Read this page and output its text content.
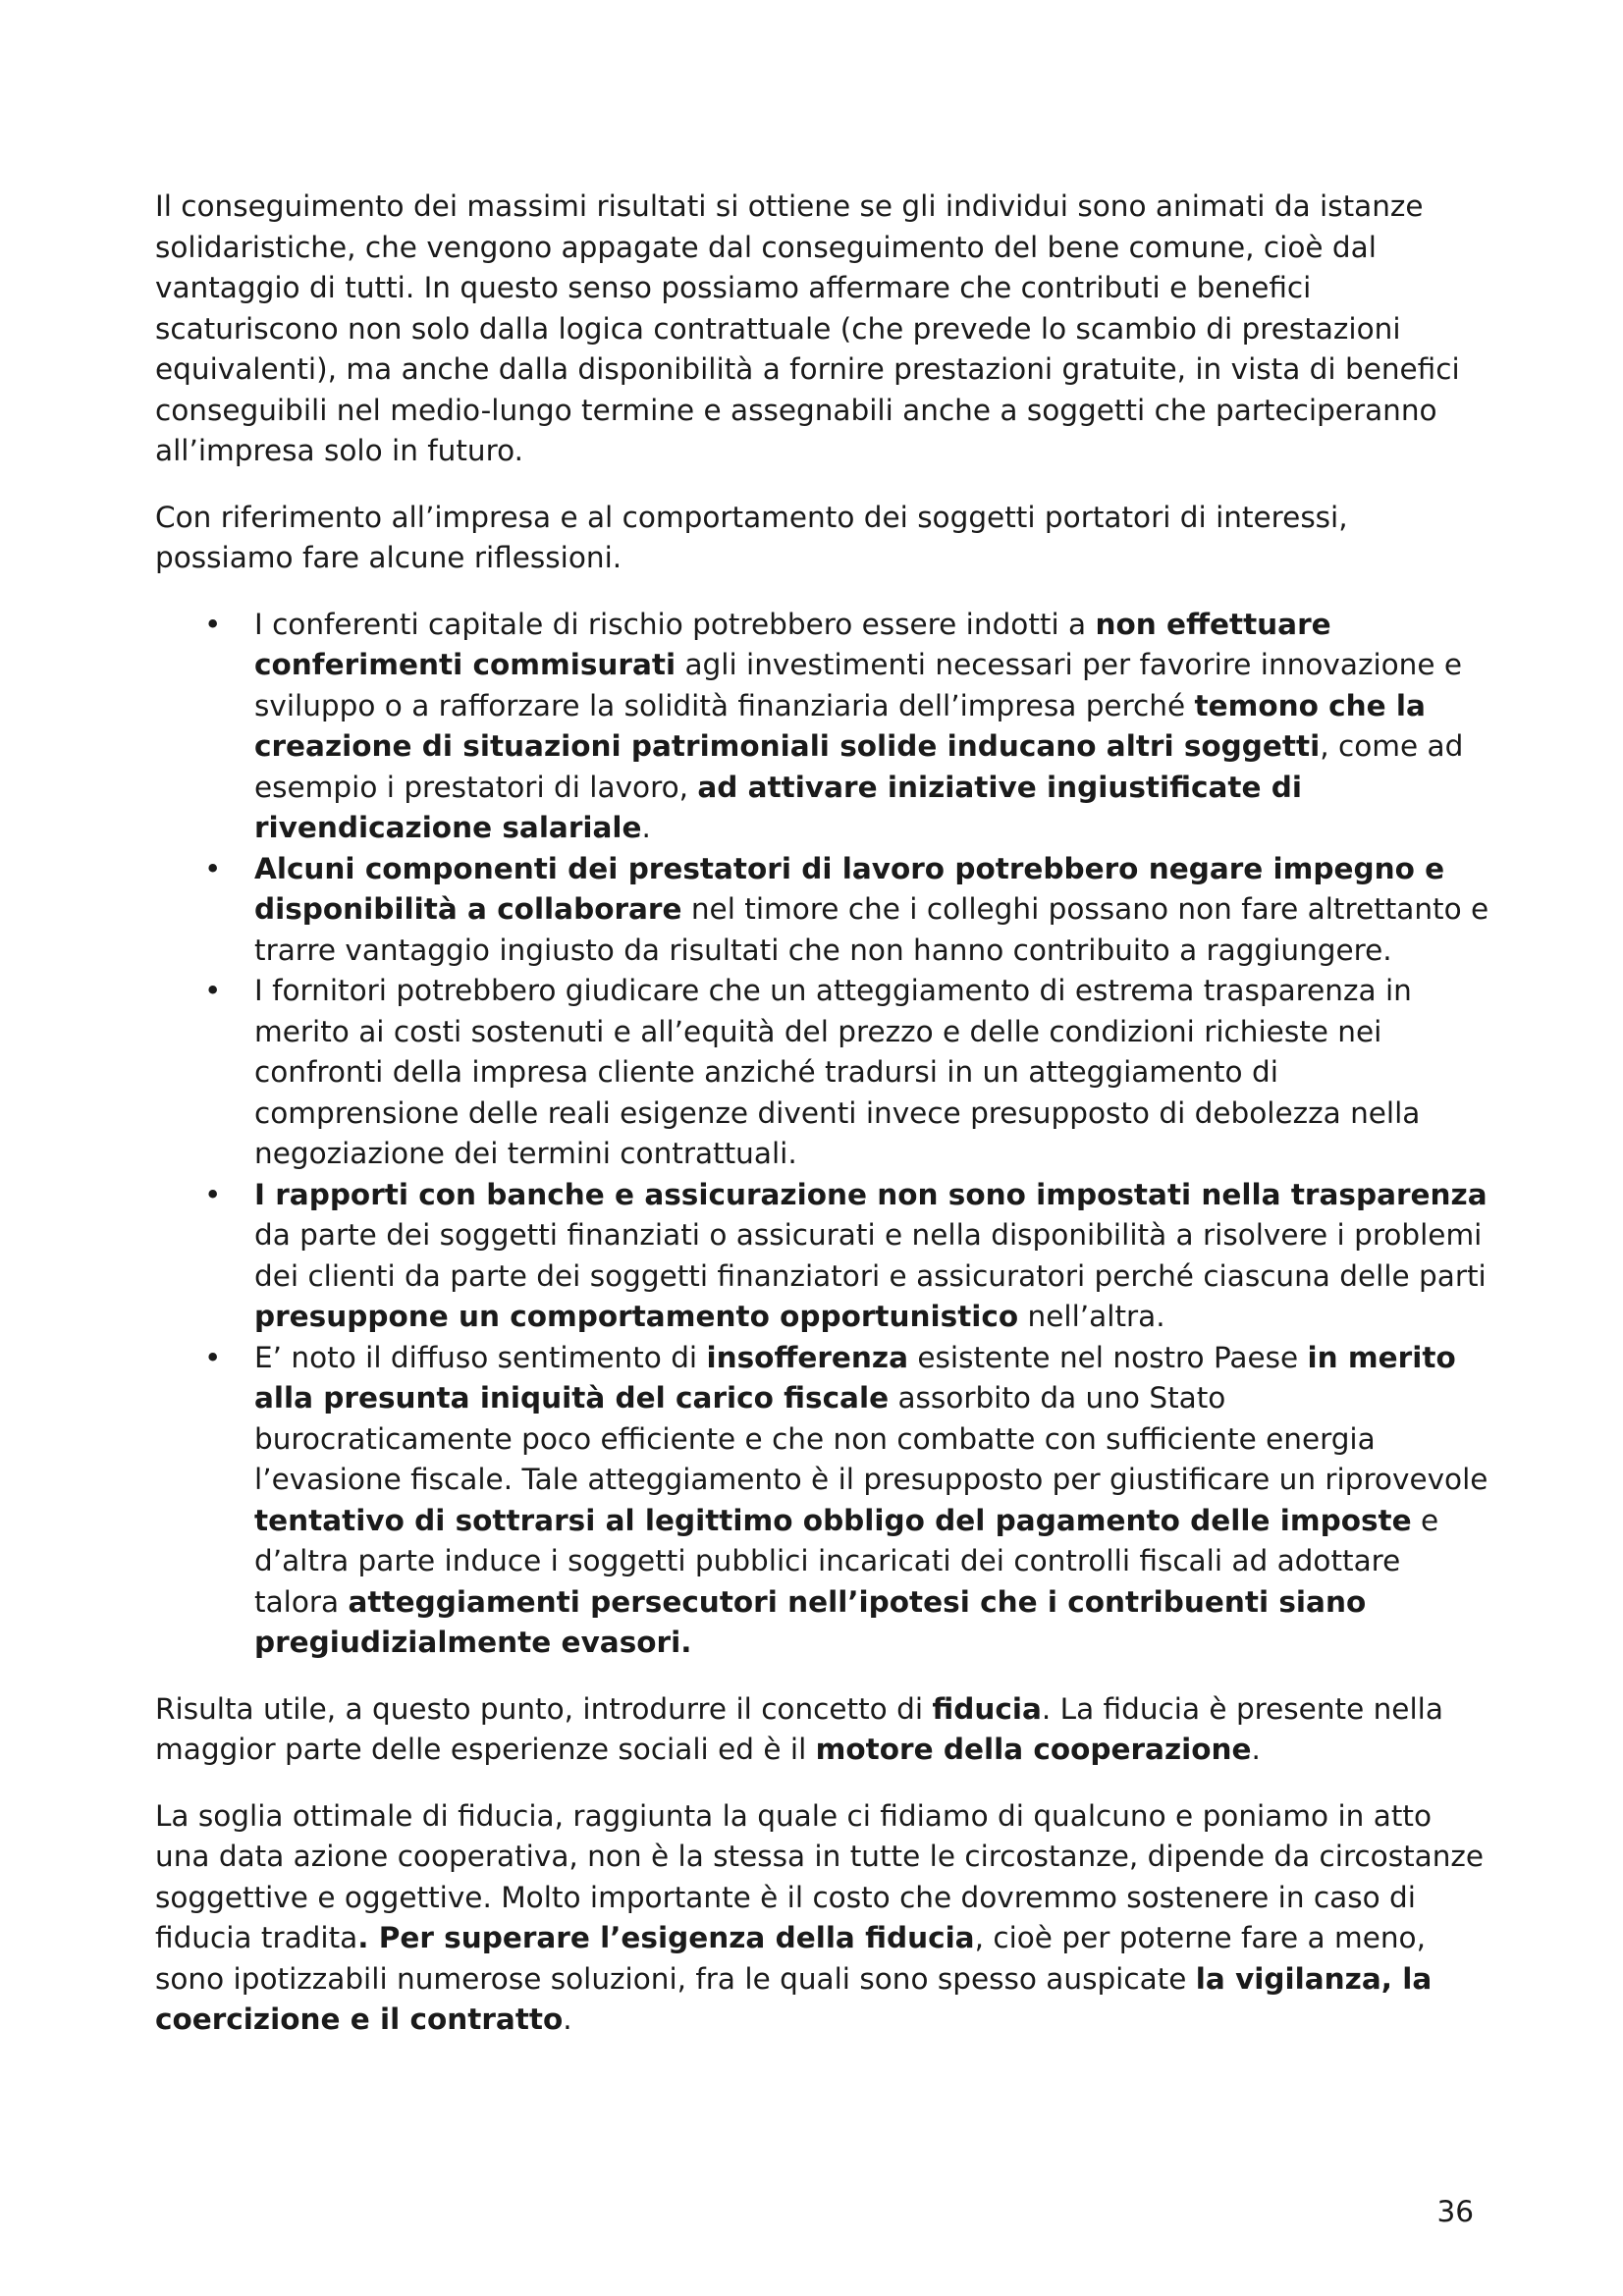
Il conseguimento dei massimi risultati si ottiene se gli individui sono animati da istanze solidaristiche, che vengono appagate dal conseguimento del bene comune, cioè dal vantaggio di tutti. In questo senso possiamo affermare che contributi e benefici scaturiscono non solo dalla logica contrattuale (che prevede lo scambio di prestazioni equivalenti), ma anche dalla disponibilità a fornire prestazioni gratuite, in vista di benefici conseguibili nel medio-lungo termine e assegnabili anche a soggetti che parteciperanno all’impresa solo in futuro.

Con riferimento all’impresa e al comportamento dei soggetti portatori di interessi, possiamo fare alcune riflessioni.

• I conferenti capitale di rischio potrebbero essere indotti a non effettuare conferimenti commisurati agli investimenti necessari per favorire innovazione e sviluppo o a rafforzare la solidità finanziaria dell’impresa perché temono che la creazione di situazioni patrimoniali solide inducano altri soggetti, come ad esempio i prestatori di lavoro, ad attivare iniziative ingiustificate di rivendicazione salariale.
• Alcuni componenti dei prestatori di lavoro potrebbero negare impegno e disponibilità a collaborare nel timore che i colleghi possano non fare altrettanto e trarre vantaggio ingiusto da risultati che non hanno contribuito a raggiungere.
• I fornitori potrebbero giudicare che un atteggiamento di estrema trasparenza in merito ai costi sostenuti e all’equità del prezzo e delle condizioni richieste nei confronti della impresa cliente anziché tradursi in un atteggiamento di comprensione delle reali esigenze diventi invece presupposto di debolezza nella negoziazione dei termini contrattuali.
• I rapporti con banche e assicurazione non sono impostati nella trasparenza da parte dei soggetti finanziati o assicurati e nella disponibilità a risolvere i problemi dei clienti da parte dei soggetti finanziatori e assicuratori perché ciascuna delle parti presuppone un comportamento opportunistico nell’altra.
• E’ noto il diffuso sentimento di insofferenza esistente nel nostro Paese in merito alla presunta iniquità del carico fiscale assorbito da uno Stato burocraticamente poco efficiente e che non combatte con sufficiente energia l’evasione fiscale. Tale atteggiamento è il presupposto per giustificare un riprovevole tentativo di sottrarsi al legittimo obbligo del pagamento delle imposte e d’altra parte induce i soggetti pubblici incaricati dei controlli fiscali ad adottare talora atteggiamenti persecutori nell’ipotesi che i contribuenti siano pregiudizialmente evasori.

Risulta utile, a questo punto, introdurre il concetto di fiducia. La fiducia è presente nella maggior parte delle esperienze sociali ed è il motore della cooperazione.

La soglia ottimale di fiducia, raggiunta la quale ci fidiamo di qualcuno e poniamo in atto una data azione cooperativa, non è la stessa in tutte le circostanze, dipende da circostanze soggettive e oggettive. Molto importante è il costo che dovremmo sostenere in caso di fiducia tradita. Per superare l’esigenza della fiducia, cioè per poterne fare a meno, sono ipotizzabili numerose soluzioni, fra le quali sono spesso auspicate la vigilanza, la coercizione e il contratto.

36
